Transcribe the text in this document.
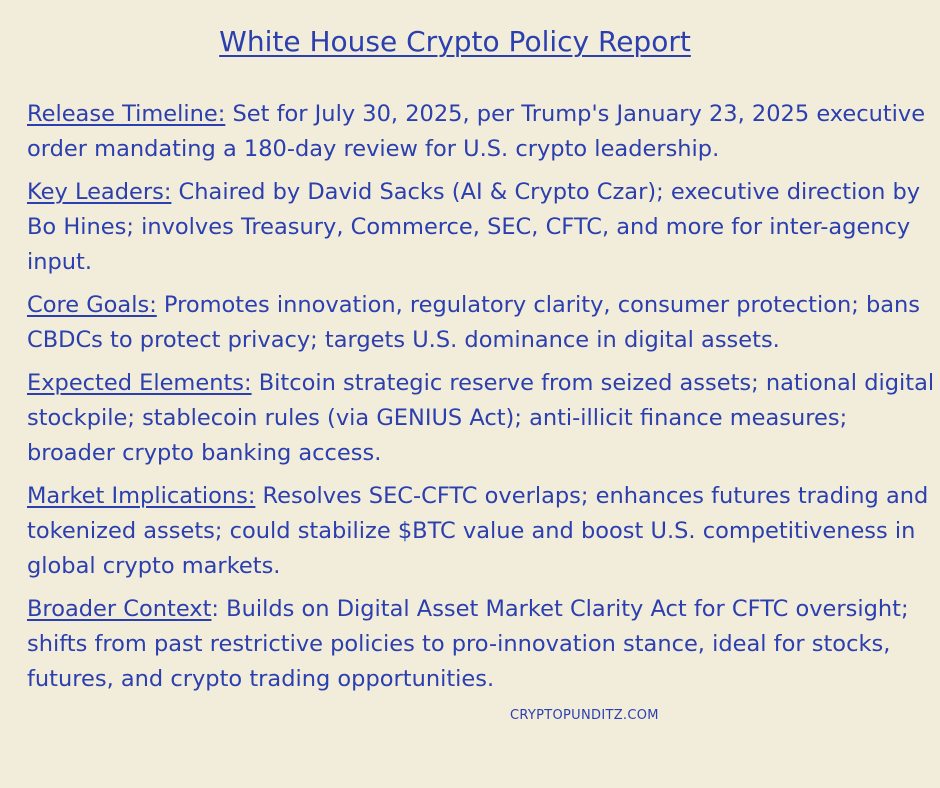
White House Crypto Policy Report

Release Timeline: Set for July 30, 2025, per Trump's January 23, 2025 executive order mandating a 180-day review for U.S. crypto leadership.

Key Leaders: Chaired by David Sacks (AI & Crypto Czar); executive direction by Bo Hines; involves Treasury, Commerce, SEC, CFTC, and more for inter-agency input.

Core Goals: Promotes innovation, regulatory clarity, consumer protection; bans CBDCs to protect privacy; targets U.S. dominance in digital assets.

Expected Elements: Bitcoin strategic reserve from seized assets; national digital stockpile; stablecoin rules (via GENIUS Act); anti-illicit finance measures; broader crypto banking access.

Market Implications: Resolves SEC-CFTC overlaps; enhances futures trading and tokenized assets; could stabilize $BTC value and boost U.S. competitiveness in global crypto markets.

Broader Context: Builds on Digital Asset Market Clarity Act for CFTC oversight; shifts from past restrictive policies to pro-innovation stance, ideal for stocks, futures, and crypto trading opportunities.

CRYPTOPUNDITZ.COM
